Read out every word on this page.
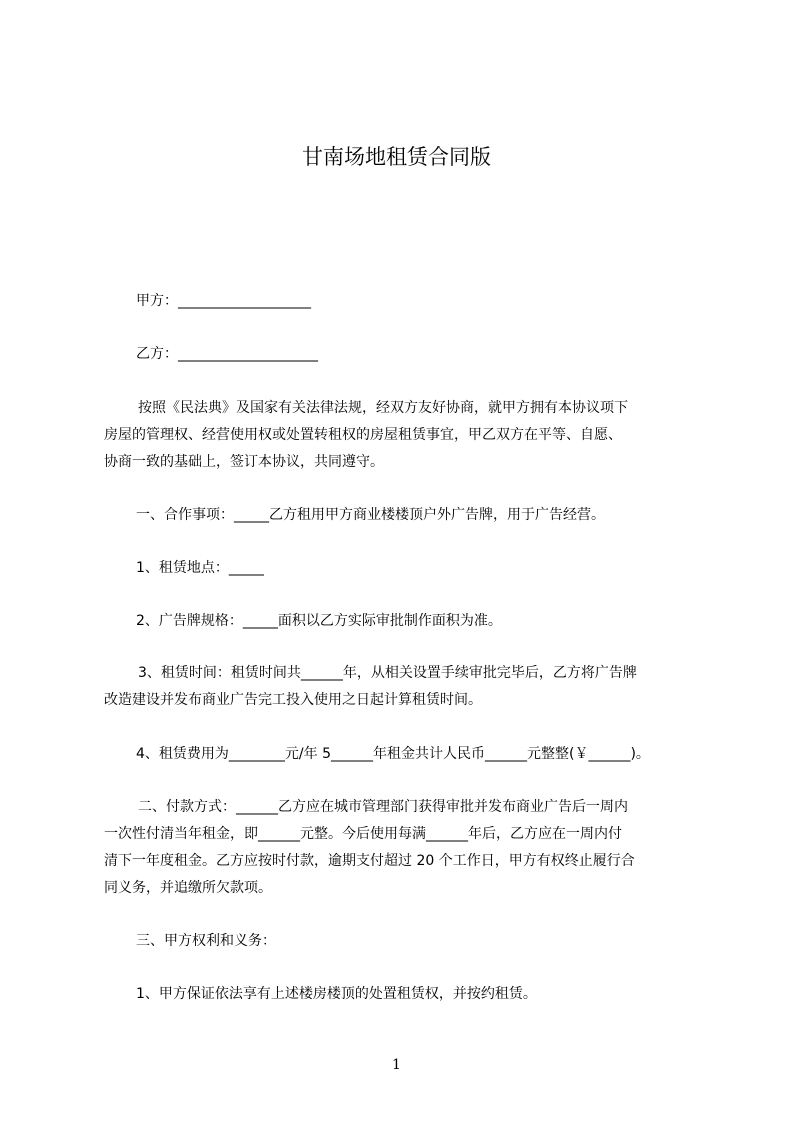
甘南场地租赁合同版

甲方：___________________

乙方：____________________

按照《民法典》及国家有关法律法规，经双方友好协商，就甲方拥有本协议项下

房屋的管理权、经营使用权或处置转租权的房屋租赁事宜，甲乙双方在平等、自愿、

协商一致的基础上，签订本协议，共同遵守。

一、合作事项：_____乙方租用甲方商业楼楼顶户外广告牌，用于广告经营。

1、租赁地点：_____

2、广告牌规格：_____面积以乙方实际审批制作面积为准。

3、租赁时间：租赁时间共______年，从相关设置手续审批完毕后，乙方将广告牌

改造建设并发布商业广告完工投入使用之日起计算租赁时间。

4、租赁费用为________元/年 5______年租金共计人民币______元整整(￥______)。

二、付款方式：______乙方应在城市管理部门获得审批并发布商业广告后一周内

一次性付清当年租金，即______元整。今后使用每满______年后，乙方应在一周内付

清下一年度租金。乙方应按时付款，逾期支付超过 20 个工作日，甲方有权终止履行合

同义务，并追缴所欠款项。

三、甲方权利和义务：

1、甲方保证依法享有上述楼房楼顶的处置租赁权，并按约租赁。

1
